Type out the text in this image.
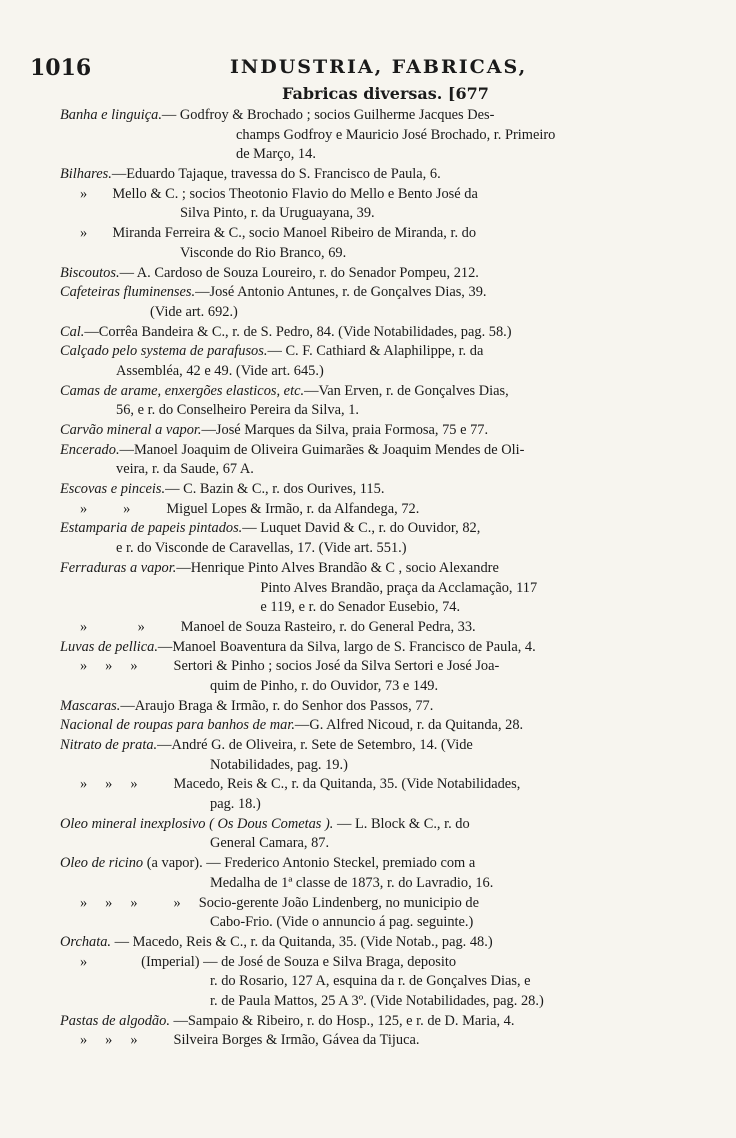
1016	INDUSTRIA, FABRICAS,
Fabricas diversas. [677
Banha e linguiça.— Godfroy & Brochado ; socios Guilherme Jacques Des-
champs Godfroy e Mauricio José Brochado, r. Primeiro
de Março, 14.
Bilhares.—Eduardo Tajaque, travessa do S. Francisco de Paula, 6.
»       Mello & C. ; socios Theotonio Flavio do Mello e Bento José da
Silva Pinto, r. da Uruguayana, 39.
»       Miranda Ferreira & C., socio Manoel Ribeiro de Miranda, r. do
Visconde do Rio Branco, 69.
Biscoutos.— A. Cardoso de Souza Loureiro, r. do Senador Pompeu, 212.
Cafeteiras fluminenses.—José Antonio Antunes, r. de Gonçalves Dias, 39.
(Vide art. 692.)
Cal.—Corrêa Bandeira & C., r. de S. Pedro, 84. (Vide Notabilidades, pag. 58.)
Calçado pelo systema de parafusos.— C. F. Cathiard & Alaphilippe, r. da
Assembléa, 42 e 49. (Vide art. 645.)
Camas de arame, enxergões elasticos, etc.—Van Erven, r. de Gonçalves Dias,
56, e r. do Conselheiro Pereira da Silva, 1.
Carvão mineral a vapor.—José Marques da Silva, praia Formosa, 75 e 77.
Encerado.—Manoel Joaquim de Oliveira Guimarães & Joaquim Mendes de Oli-
veira, r. da Saude, 67 A.
Escovas e pinceis.— C. Bazin & C., r. dos Ourives, 115.
»          »          Miguel Lopes & Irmão, r. da Alfandega, 72.
Estamparia de papeis pintados.— Luquet David & C., r. do Ouvidor, 82,
e r. do Visconde de Caravellas, 17. (Vide art. 551.)
Ferraduras a vapor.—Henrique Pinto Alves Brandão & C , socio Alexandre
Pinto Alves Brandão, praça da Acclamação, 117
e 119, e r. do Senador Eusebio, 74.
»              »          Manoel de Souza Rasteiro, r. do General Pedra, 33.
Luvas de pellica.—Manoel Boaventura da Silva, largo de S. Francisco de Paula, 4.
»     »     »          Sertori & Pinho ; socios José da Silva Sertori e José Joa-
quim de Pinho, r. do Ouvidor, 73 e 149.
Mascaras.—Araujo Braga & Irmão, r. do Senhor dos Passos, 77.
Nacional de roupas para banhos de mar.—G. Alfred Nicoud, r. da Quitanda, 28.
Nitrato de prata.—André G. de Oliveira, r. Sete de Setembro, 14. (Vide
Notabilidades, pag. 19.)
»     »     »          Macedo, Reis & C., r. da Quitanda, 35. (Vide Notabilidades,
pag. 18.)
Oleo mineral inexplosivo ( Os Dous Cometas ). — L. Block & C., r. do
General Camara, 87.
Oleo de ricino (a vapor). — Frederico Antonio Steckel, premiado com a
Medalha de 1ª classe de 1873, r. do Lavradio, 16.
»     »     »          »     Socio-gerente João Lindenberg, no municipio de
Cabo-Frio. (Vide o annuncio á pag. seguinte.)
Orchata. — Macedo, Reis & C., r. da Quitanda, 35. (Vide Notab., pag. 48.)
»               (Imperial) — de José de Souza e Silva Braga, deposito
r. do Rosario, 127 A, esquina da r. de Gonçalves Dias, e
r. de Paula Mattos, 25 A 3º. (Vide Notabilidades, pag. 28.)
Pastas de algodão. —Sampaio & Ribeiro, r. do Hosp., 125, e r. de D. Maria, 4.
»     »     »          Silveira Borges & Irmão, Gávea da Tijuca.
